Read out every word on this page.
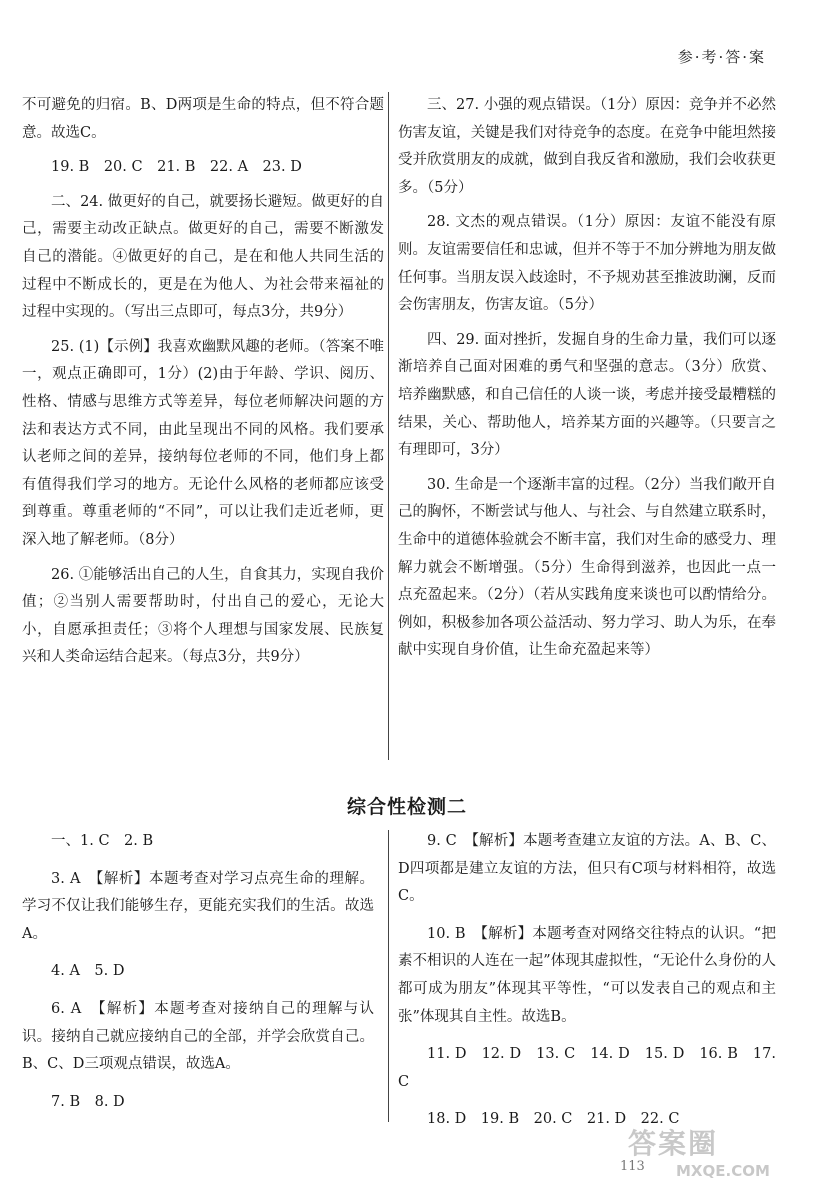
参·考·答·案

不可避免的归宿。B、D两项是生命的特点，但不符合题意。故选C。

19. B　20. C　21. B　22. A　23. D

二、24. 做更好的自己，就要扬长避短。做更好的自己，需要主动改正缺点。做更好的自己，需要不断激发自己的潜能。④做更好的自己，是在和他人共同生活的过程中不断成长的，更是在为他人、为社会带来福祉的过程中实现的。（写出三点即可，每点3分，共9分）

25. (1)【示例】我喜欢幽默风趣的老师。（答案不唯一，观点正确即可，1分）(2)由于年龄、学识、阅历、性格、情感与思维方式等差异，每位老师解决问题的方法和表达方式不同，由此呈现出不同的风格。我们要承认老师之间的差异，接纳每位老师的不同，他们身上都有值得我们学习的地方。无论什么风格的老师都应该受到尊重。尊重老师的“不同”，可以让我们走近老师，更深入地了解老师。（8分）

26. ①能够活出自己的人生，自食其力，实现自我价值；②当别人需要帮助时，付出自己的爱心，无论大小，自愿承担责任；③将个人理想与国家发展、民族复兴和人类命运结合起来。（每点3分，共9分）

三、27. 小强的观点错误。（1分）原因：竞争并不必然伤害友谊，关键是我们对待竞争的态度。在竞争中能坦然接受并欣赏朋友的成就，做到自我反省和激励，我们会收获更多。（5分）

28. 文杰的观点错误。（1分）原因：友谊不能没有原则。友谊需要信任和忠诚，但并不等于不加分辨地为朋友做任何事。当朋友误入歧途时，不予规劝甚至推波助澜，反而会伤害朋友，伤害友谊。（5分）

四、29. 面对挫折，发掘自身的生命力量，我们可以逐渐培养自己面对困难的勇气和坚强的意志。（3分）欣赏、培养幽默感，和自己信任的人谈一谈，考虑并接受最糟糕的结果，关心、帮助他人，培养某方面的兴趣等。（只要言之有理即可，3分）

30. 生命是一个逐渐丰富的过程。（2分）当我们敞开自己的胸怀，不断尝试与他人、与社会、与自然建立联系时，生命中的道德体验就会不断丰富，我们对生命的感受力、理解力就会不断增强。（5分）生命得到滋养，也因此一点一点充盈起来。（2分）（若从实践角度来谈也可以酌情给分。例如，积极参加各项公益活动、努力学习、助人为乐，在奉献中实现自身价值，让生命充盈起来等）

综合性检测二

一、1. C　2. B

3. A　【解析】本题考查对学习点亮生命的理解。学习不仅让我们能够生存，更能充实我们的生活。故选A。

4. A　5. D

6. A　【解析】本题考查对接纳自己的理解与认识。接纳自己就应接纳自己的全部，并学会欣赏自己。B、C、D三项观点错误，故选A。

7. B　8. D

9. C　【解析】本题考查建立友谊的方法。A、B、C、D四项都是建立友谊的方法，但只有C项与材料相符，故选C。

10. B　【解析】本题考查对网络交往特点的认识。“把素不相识的人连在一起”体现其虚拟性，“无论什么身份的人都可成为朋友”体现其平等性，“可以发表自己的观点和主张”体现其自主性。故选B。

11. D　12. D　13. C　14. D　15. D　16. B　17. C

18. D　19. B　20. C　21. D　22. C

113
答案圈
MXQE.COM
